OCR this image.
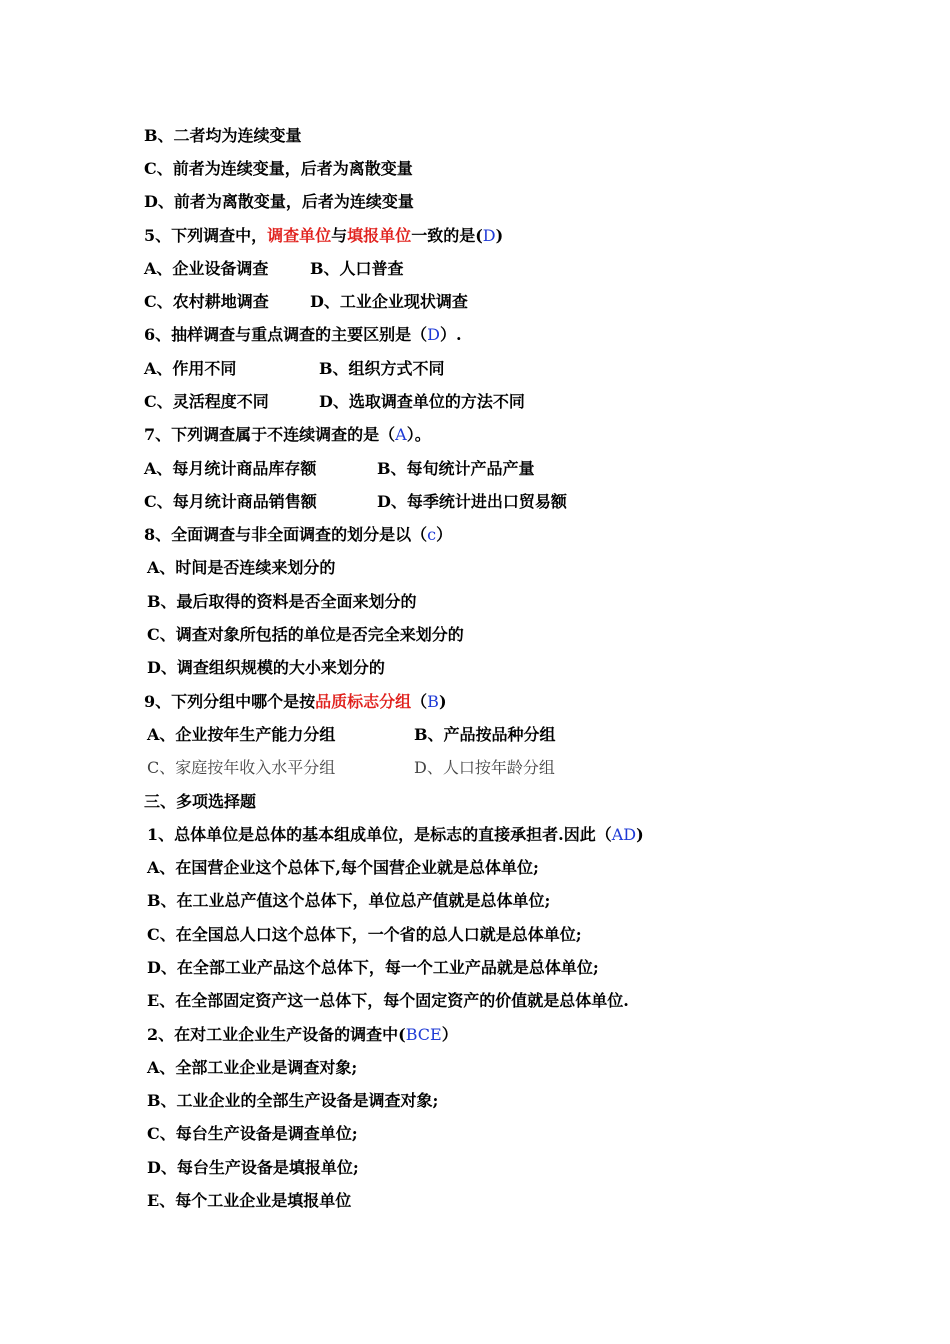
B、二者均为连续变量
C、前者为连续变量，后者为离散变量
D、前者为离散变量，后者为连续变量
5、下列调查中，调查单位与填报单位一致的是(D)

A、企业设备调查

	B、人口普查

C、农村耕地调查

	D、工业企业现状调查

6、抽样调查与重点调查的主要区别是（D）.

A、作用不同

	B、组织方式不同

C、灵活程度不同

	D、选取调查单位的方法不同

7、下列调查属于不连续调查的是（A）。

A、每月统计商品库存额

	B、每旬统计产品产量

C、每月统计商品销售额

	D、每季统计进出口贸易额

8、全面调查与非全面调查的划分是以（c）
A、时间是否连续来划分的
B、最后取得的资料是否全面来划分的
C、调查对象所包括的单位是否完全来划分的
D、调查组织规模的大小来划分的
9、下列分组中哪个是按品质标志分组（B)

A、企业按年生产能力分组

	B、产品按品种分组

C、家庭按年收入水平分组

	D、人口按年龄分组

三、多项选择题
1、总体单位是总体的基本组成单位，是标志的直接承担者.因此（AD)
A、在国营企业这个总体下,每个国营企业就是总体单位;
B、在工业总产值这个总体下，单位总产值就是总体单位;
C、在全国总人口这个总体下，一个省的总人口就是总体单位;
D、在全部工业产品这个总体下，每一个工业产品就是总体单位;
E、在全部固定资产这一总体下，每个固定资产的价值就是总体单位.
2、在对工业企业生产设备的调查中(BCE）
A、全部工业企业是调查对象;
B、工业企业的全部生产设备是调查对象;
C、每台生产设备是调查单位;
D、每台生产设备是填报单位;
E、每个工业企业是填报单位
